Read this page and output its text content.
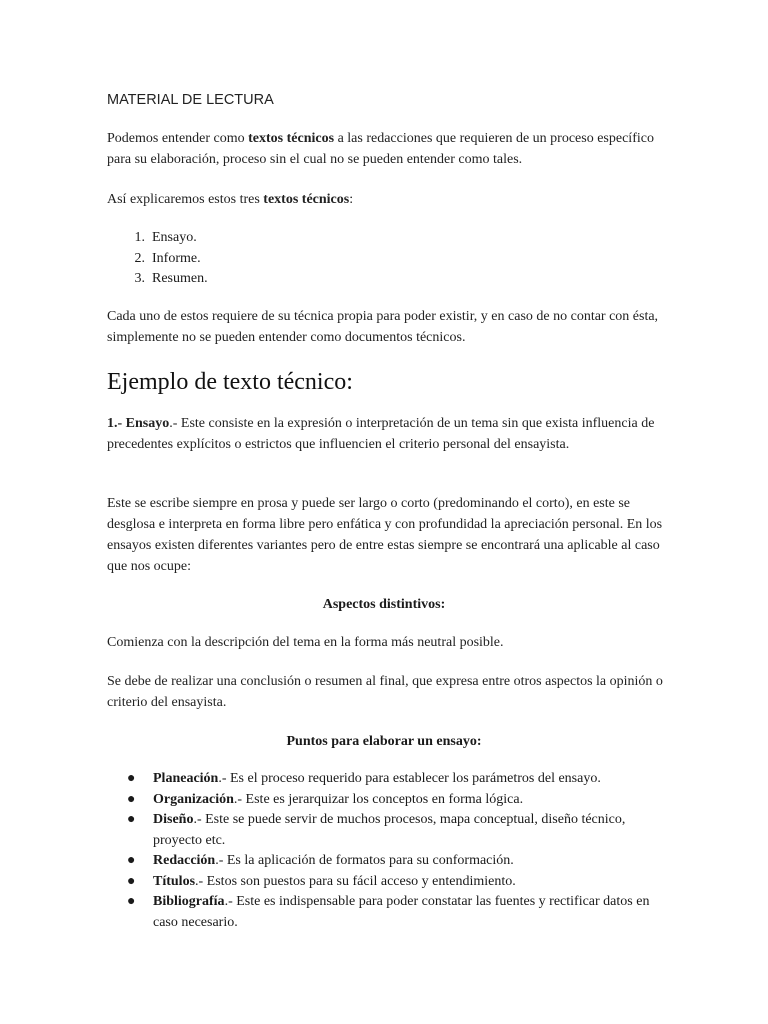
MATERIAL DE LECTURA

Podemos entender como textos técnicos a las redacciones que requieren de un proceso específico para su elaboración, proceso sin el cual no se pueden entender como tales.

Así explicaremos estos tres textos técnicos:

1. Ensayo.
2. Informe.
3. Resumen.

Cada uno de estos requiere de su técnica propia para poder existir, y en caso de no contar con ésta, simplemente no se pueden entender como documentos técnicos.

Ejemplo de texto técnico:

1.- Ensayo.- Este consiste en la expresión o interpretación de un tema sin que exista influencia de precedentes explícitos o estrictos que influencien el criterio personal del ensayista.

Este se escribe siempre en prosa y puede ser largo o corto (predominando el corto), en este se desglosa e interpreta en forma libre pero enfática y con profundidad la apreciación personal. En los ensayos existen diferentes variantes pero de entre estas siempre se encontrará una aplicable al caso que nos ocupe:

Aspectos distintivos:

Comienza con la descripción del tema en la forma más neutral posible.

Se debe de realizar una conclusión o resumen al final, que expresa entre otros aspectos la opinión o criterio del ensayista.

Puntos para elaborar un ensayo:

● Planeación.- Es el proceso requerido para establecer los parámetros del ensayo.
● Organización.- Este es jerarquizar los conceptos en forma lógica.
● Diseño.- Este se puede servir de muchos procesos, mapa conceptual, diseño técnico, proyecto etc.
● Redacción.- Es la aplicación de formatos para su conformación.
● Títulos.- Estos son puestos para su fácil acceso y entendimiento.
● Bibliografía.- Este es indispensable para poder constatar las fuentes y rectificar datos en caso necesario.
